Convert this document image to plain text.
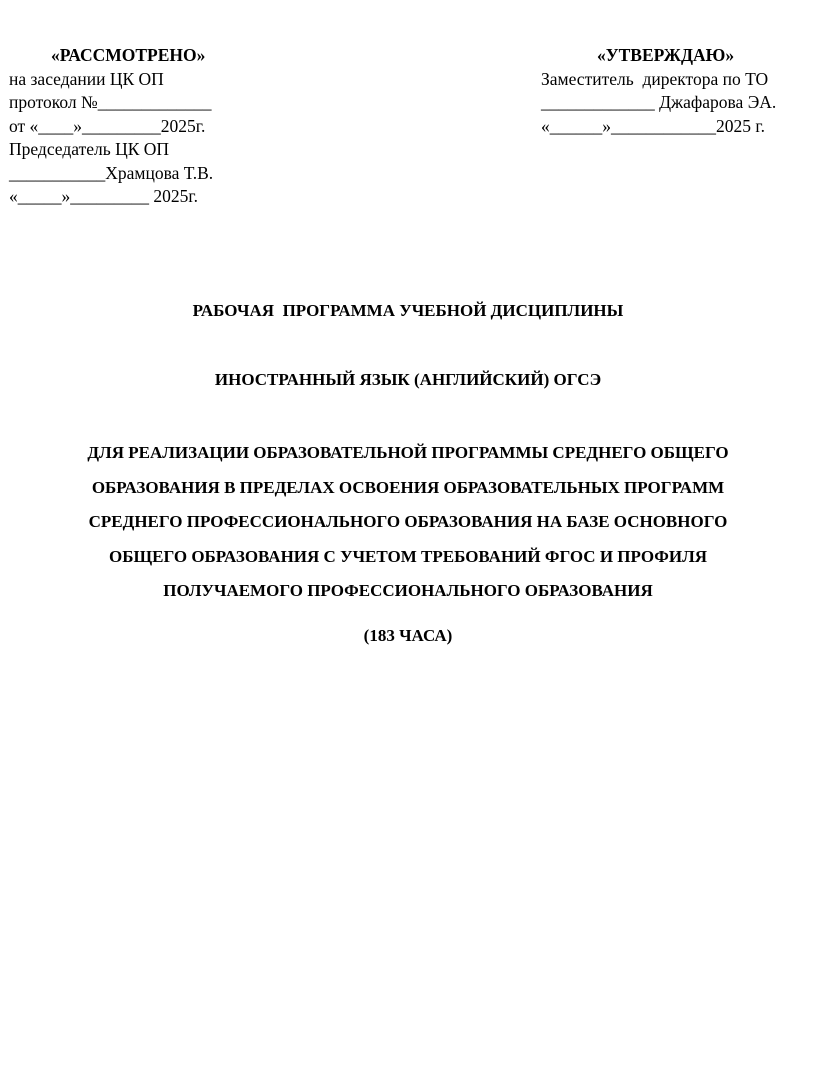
«РАССМОТРЕНО»
на заседании ЦК ОП
протокол №_____________
от «____»_________2025г.
Председатель ЦК ОП
___________Храмцова Т.В.
«_____»_________ 2025г.
«УТВЕРЖДАЮ»
Заместитель  директора по ТО
_____________ Джафарова ЭА.
«______»____________2025 г.
РАБОЧАЯ  ПРОГРАММА УЧЕБНОЙ ДИСЦИПЛИНЫ
ИНОСТРАННЫЙ ЯЗЫК (АНГЛИЙСКИЙ) ОГСЭ
ДЛЯ РЕАЛИЗАЦИИ ОБРАЗОВАТЕЛЬНОЙ ПРОГРАММЫ СРЕДНЕГО ОБЩЕГО
ОБРАЗОВАНИЯ В ПРЕДЕЛАХ ОСВОЕНИЯ ОБРАЗОВАТЕЛЬНЫХ ПРОГРАММ
СРЕДНЕГО ПРОФЕССИОНАЛЬНОГО ОБРАЗОВАНИЯ НА БАЗЕ ОСНОВНОГО
ОБЩЕГО ОБРАЗОВАНИЯ С УЧЕТОМ ТРЕБОВАНИЙ ФГОС И ПРОФИЛЯ
ПОЛУЧАЕМОГО ПРОФЕССИОНАЛЬНОГО ОБРАЗОВАНИЯ
(183 ЧАСА)
